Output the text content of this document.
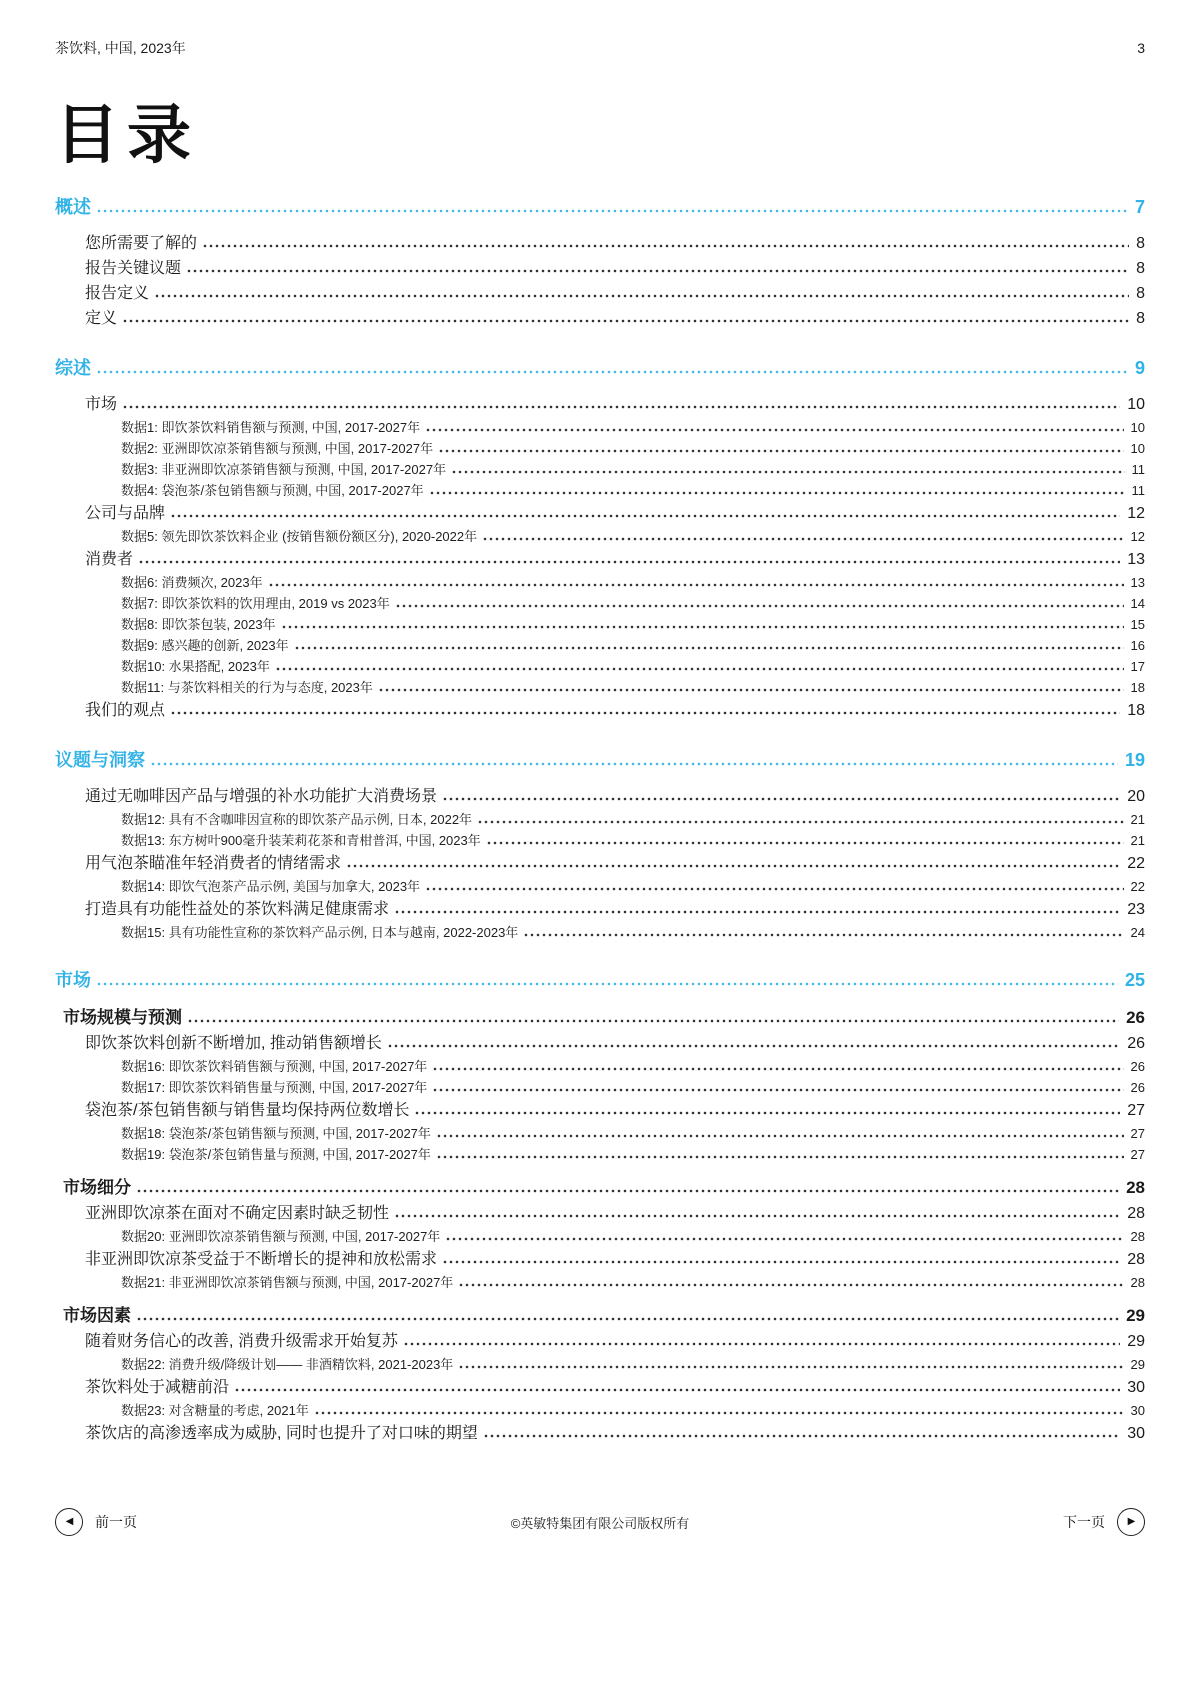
茶饮料, 中国, 2023年	3
目录
概述	7
您所需要了解的	8
报告关键议题	8
报告定义	8
定义	8
综述	9
市场	10
数据1: 即饮茶饮料销售额与预测, 中国, 2017-2027年	10
数据2: 亚洲即饮凉茶销售额与预测, 中国, 2017-2027年	10
数据3: 非亚洲即饮凉茶销售额与预测, 中国, 2017-2027年	11
数据4: 袋泡茶/茶包销售额与预测, 中国, 2017-2027年	11
公司与品牌	12
数据5: 领先即饮茶饮料企业 (按销售额份额区分), 2020-2022年	12
消费者	13
数据6: 消费频次, 2023年	13
数据7: 即饮茶饮料的饮用理由, 2019 vs 2023年	14
数据8: 即饮茶包装, 2023年	15
数据9: 感兴趣的创新, 2023年	16
数据10: 水果搭配, 2023年	17
数据11: 与茶饮料相关的行为与态度, 2023年	18
我们的观点	18
议题与洞察	19
通过无咖啡因产品与增强的补水功能扩大消费场景	20
数据12: 具有不含咖啡因宣称的即饮茶产品示例, 日本, 2022年	21
数据13: 东方树叶900毫升装茉莉花茶和青柑普洱, 中国, 2023年	21
用气泡茶瞄准年轻消费者的情绪需求	22
数据14: 即饮气泡茶产品示例, 美国与加拿大, 2023年	22
打造具有功能性益处的茶饮料满足健康需求	23
数据15: 具有功能性宣称的茶饮料产品示例, 日本与越南, 2022-2023年	24
市场	25
市场规模与预测	26
即饮茶饮料创新不断增加, 推动销售额增长	26
数据16: 即饮茶饮料销售额与预测, 中国, 2017-2027年	26
数据17: 即饮茶饮料销售量与预测, 中国, 2017-2027年	26
袋泡茶/茶包销售额与销售量均保持两位数增长	27
数据18: 袋泡茶/茶包销售额与预测, 中国, 2017-2027年	27
数据19: 袋泡茶/茶包销售量与预测, 中国, 2017-2027年	27
市场细分	28
亚洲即饮凉茶在面对不确定因素时缺乏韧性	28
数据20: 亚洲即饮凉茶销售额与预测, 中国, 2017-2027年	28
非亚洲即饮凉茶受益于不断增长的提神和放松需求	28
数据21: 非亚洲即饮凉茶销售额与预测, 中国, 2017-2027年	28
市场因素	29
随着财务信心的改善, 消费升级需求开始复苏	29
数据22: 消费升级/降级计划—— 非酒精饮料, 2021-2023年	29
茶饮料处于减糖前沿	30
数据23: 对含糖量的考虑, 2021年	30
茶饮店的高渗透率成为威胁, 同时也提升了对口味的期望	30
©英敏特集团有限公司版权所有
◀ 前一页	下一页 ▶
